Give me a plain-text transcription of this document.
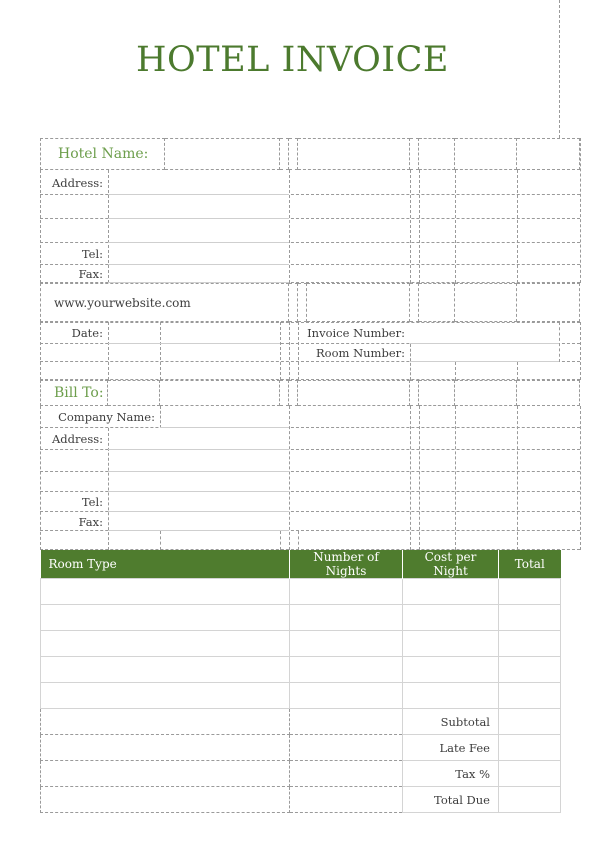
HOTEL INVOICE
Hotel Name:
Address:
Tel:
Fax:
www.yourwebsite.com
Date:	Invoice Number:
Room Number:
Bill To:
Company Name:
Address:
Tel:
Fax:
Room Type	Number of Nights	Cost per Night	Total

		Subtotal	
		Late Fee	
		Tax %	
		Total Due	
